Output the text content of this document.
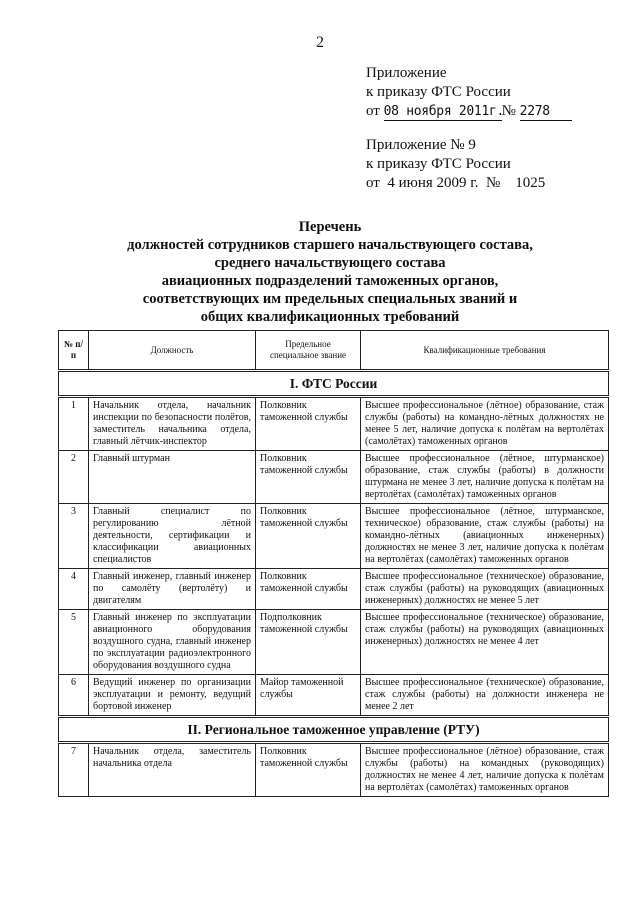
2
Приложение
к приказу ФТС России
от 08 ноября 2011г.№ 2278
Приложение № 9
к приказу ФТС России
от  4 июня 2009 г.  №    1025
Перечень
должностей сотрудников старшего начальствующего состава,
среднего начальствующего состава
авиационных подразделений таможенных органов,
соответствующих им предельных специальных званий и
общих квалификационных требований
№ п/п	Должность	Предельное специальное звание	Квалификационные требования
I. ФТС России			
1	Начальник отдела, начальник инспекции по безопасности полётов, заместитель начальника отдела, главный лётчик-инспектор	Полковник таможенной службы	Высшее профессиональное (лётное) образование, стаж службы (работы) на командно-лётных должностях не менее 5 лет, наличие допуска к полётам на вертолётах (самолётах) таможенных органов
2	Главный штурман	Полковник таможенной службы	Высшее профессиональное (лётное, штурманское) образование, стаж службы (работы) в должности штурмана не менее 3 лет, наличие допуска к полётам на вертолётах (самолётах) таможенных органов
3	Главный специалист по регулированию лётной деятельности, сертификации и классификации авиационных специалистов	Полковник таможенной службы	Высшее профессиональное (лётное, штурманское, техническое) образование, стаж службы (работы) на командно-лётных (авиационных инженерных) должностях не менее 3 лет, наличие допуска к полётам на вертолётах (самолётах) таможенных органов
4	Главный инженер, главный инженер по самолёту (вертолёту) и двигателям	Полковник таможенной службы	Высшее профессиональное (техническое) образование, стаж службы (работы) на руководящих (авиационных инженерных) должностях не менее 5 лет
5	Главный инженер по эксплуатации авиационного оборудования воздушного судна, главный инженер по эксплуатации радиоэлектронного оборудования воздушного судна	Подполковник таможенной службы	Высшее профессиональное (техническое) образование, стаж службы (работы) на руководящих (авиационных инженерных) должностях не менее 4 лет
6	Ведущий инженер по организации эксплуатации и ремонту, ведущий бортовой инженер	Майор таможенной службы	Высшее профессиональное (техническое) образование, стаж службы (работы) на должности инженера не менее 2 лет
II. Региональное таможенное управление (РТУ)			
7	Начальник отдела, заместитель начальника отдела	Полковник таможенной службы	Высшее профессиональное (лётное) образование, стаж службы (работы) на командных (руководящих) должностях не менее 4 лет, наличие допуска к полётам на вертолётах (самолётах) таможенных органов
